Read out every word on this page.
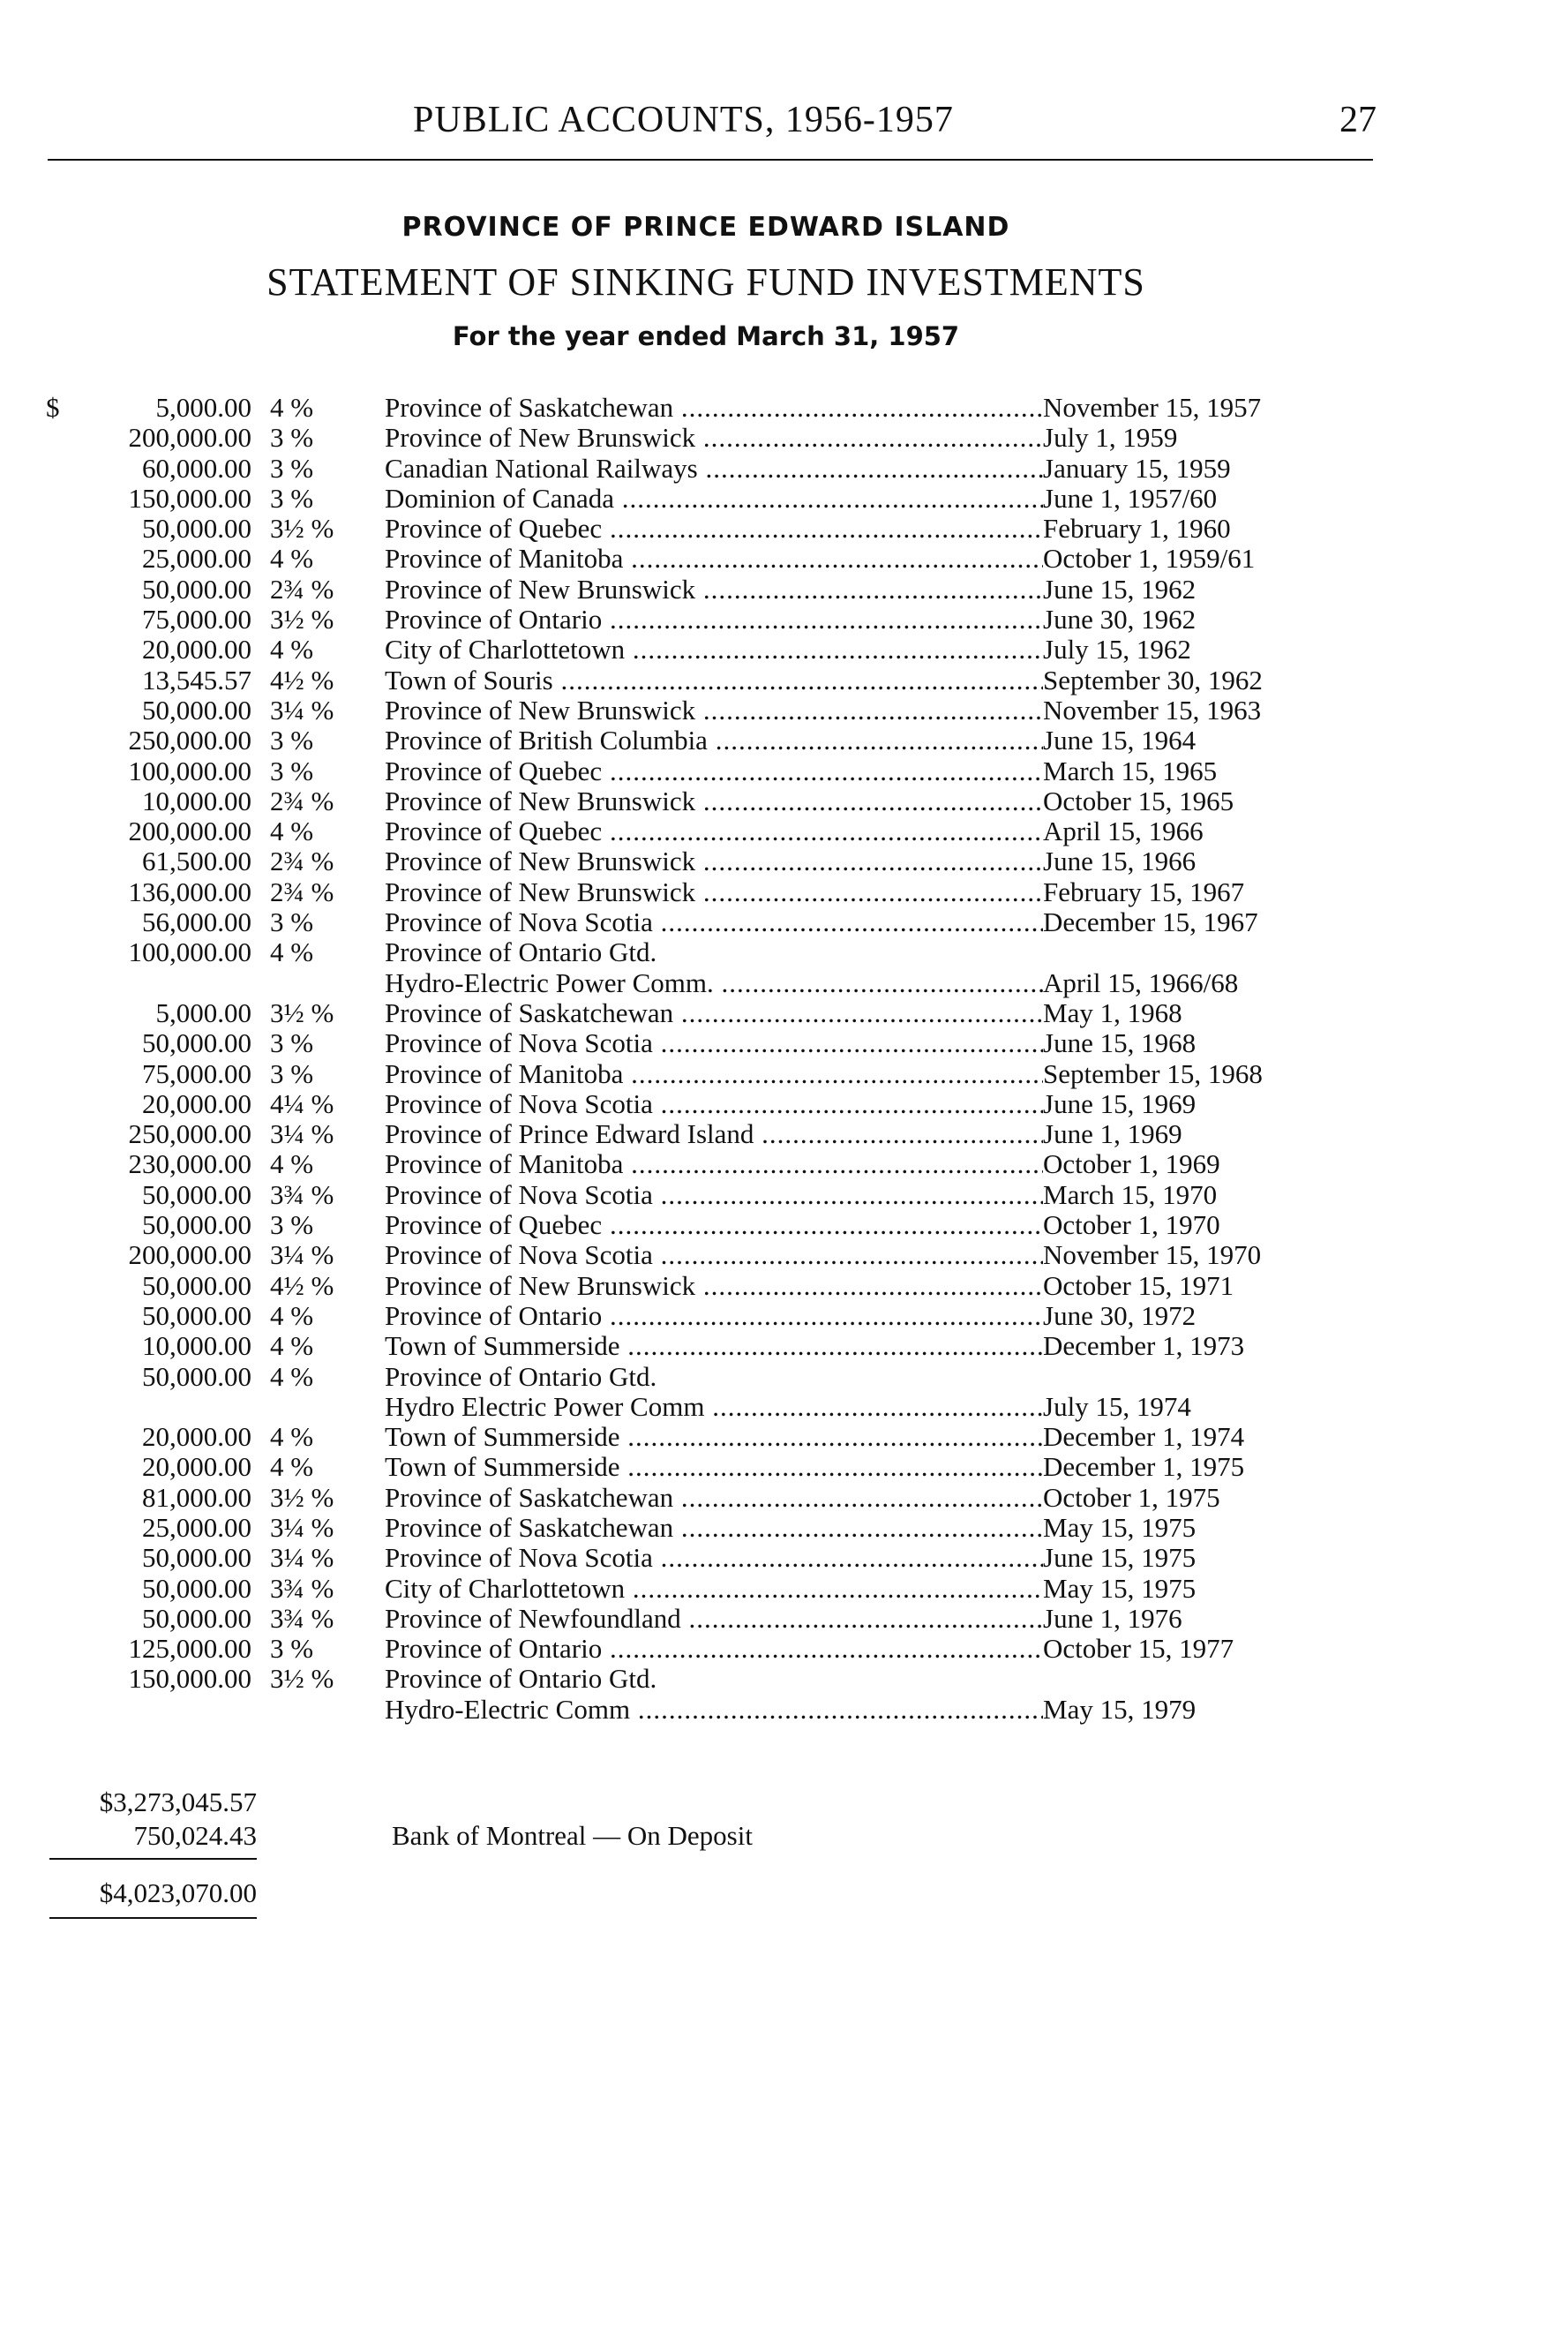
PUBLIC ACCOUNTS, 1956-1957	27
PROVINCE OF PRINCE EDWARD ISLAND
STATEMENT OF SINKING FUND INVESTMENTS
For the year ended March 31, 1957
$	5,000.00 4 %	Province of Saskatchewan .....	November 15, 1957
200,000.00 3 %	Province of New Brunswick .....	July 1, 1959
60,000.00 3 %	Canadian National Railways .....	January 15, 1959
150,000.00 3 %	Dominion of Canada .....	June 1, 1957/60
50,000.00 3½ %	Province of Quebec .....	February 1, 1960
25,000.00 4 %	Province of Manitoba .....	October 1, 1959/61
50,000.00 2¾ %	Province of New Brunswick .....	June 15, 1962
75,000.00 3½ %	Province of Ontario .....	June 30, 1962
20,000.00 4 %	City of Charlottetown .....	July 15, 1962
13,545.57 4½ %	Town of Souris .....	September 30, 1962
50,000.00 3¼ %	Province of New Brunswick .....	November 15, 1963
250,000.00 3 %	Province of British Columbia .....	June 15, 1964
100,000.00 3 %	Province of Quebec .....	March 15, 1965
10,000.00 2¾ %	Province of New Brunswick .....	October 15, 1965
200,000.00 4 %	Province of Quebec .....	April 15, 1966
61,500.00 2¾ %	Province of New Brunswick .....	June 15, 1966
136,000.00 2¾ %	Province of New Brunswick .....	February 15, 1967
56,000.00 3 %	Province of Nova Scotia .....	December 15, 1967
100,000.00 4 %	Province of Ontario Gtd.
Hydro-Electric Power Comm. .....	April 15, 1966/68
5,000.00 3½ %	Province of Saskatchewan .....	May 1, 1968
50,000.00 3 %	Province of Nova Scotia .....	June 15, 1968
75,000.00 3 %	Province of Manitoba .....	September 15, 1968
20,000.00 4¼ %	Province of Nova Scotia .....	June 15, 1969
250,000.00 3¼ %	Province of Prince Edward Island .....	June 1, 1969
230,000.00 4 %	Province of Manitoba .....	October 1, 1969
50,000.00 3¾ %	Province of Nova Scotia .....	March 15, 1970
50,000.00 3 %	Province of Quebec .....	October 1, 1970
200,000.00 3¼ %	Province of Nova Scotia .....	November 15, 1970
50,000.00 4½ %	Province of New Brunswick .....	October 15, 1971
50,000.00 4 %	Province of Ontario .....	June 30, 1972
10,000.00 4 %	Town of Summerside .....	December 1, 1973
50,000.00 4 %	Province of Ontario Gtd.
Hydro Electric Power Comm .....	July 15, 1974
20,000.00 4 %	Town of Summerside .....	December 1, 1974
20,000.00 4 %	Town of Summerside .....	December 1, 1975
81,000.00 3½ %	Province of Saskatchewan .....	October 1, 1975
25,000.00 3¼ %	Province of Saskatchewan .....	May 15, 1975
50,000.00 3¼ %	Province of Nova Scotia .....	June 15, 1975
50,000.00 3¾ %	City of Charlottetown .....	May 15, 1975
50,000.00 3¾ %	Province of Newfoundland .....	June 1, 1976
125,000.00 3 %	Province of Ontario .....	October 15, 1977
150,000.00 3½ %	Province of Ontario Gtd.
Hydro-Electric Comm .....	May 15, 1979
$3,273,045.57
750,024.43	Bank of Montreal — On Deposit
$4,023,070.00
